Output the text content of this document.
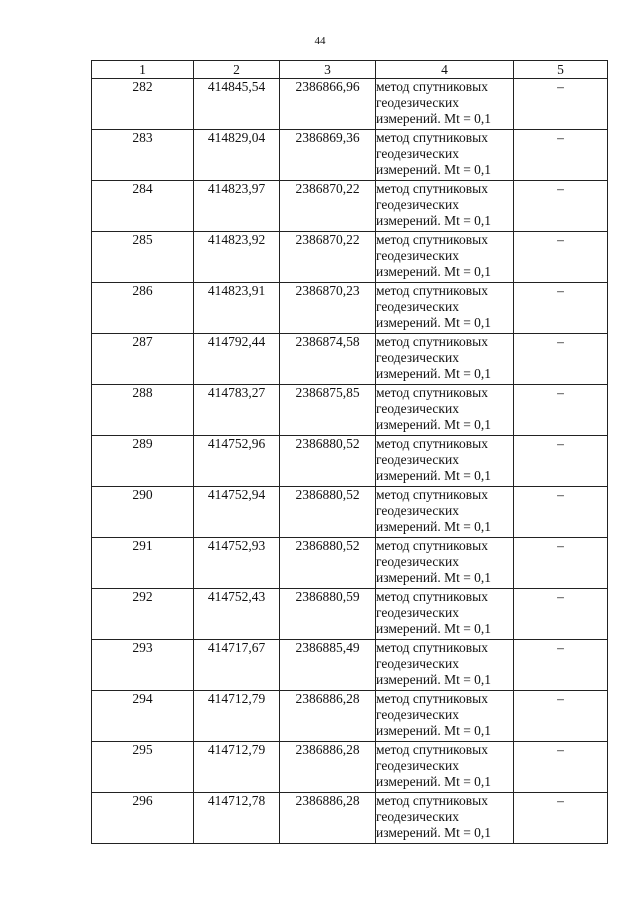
44
1	2	3	4	5
282	414845,54	2386866,96	метод спутниковых
геодезических
измерений. Mt = 0,1	–
283	414829,04	2386869,36	метод спутниковых
геодезических
измерений. Mt = 0,1	–
284	414823,97	2386870,22	метод спутниковых
геодезических
измерений. Mt = 0,1	–
285	414823,92	2386870,22	метод спутниковых
геодезических
измерений. Mt = 0,1	–
286	414823,91	2386870,23	метод спутниковых
геодезических
измерений. Mt = 0,1	–
287	414792,44	2386874,58	метод спутниковых
геодезических
измерений. Mt = 0,1	–
288	414783,27	2386875,85	метод спутниковых
геодезических
измерений. Mt = 0,1	–
289	414752,96	2386880,52	метод спутниковых
геодезических
измерений. Mt = 0,1	–
290	414752,94	2386880,52	метод спутниковых
геодезических
измерений. Mt = 0,1	–
291	414752,93	2386880,52	метод спутниковых
геодезических
измерений. Mt = 0,1	–
292	414752,43	2386880,59	метод спутниковых
геодезических
измерений. Mt = 0,1	–
293	414717,67	2386885,49	метод спутниковых
геодезических
измерений. Mt = 0,1	–
294	414712,79	2386886,28	метод спутниковых
геодезических
измерений. Mt = 0,1	–
295	414712,79	2386886,28	метод спутниковых
геодезических
измерений. Mt = 0,1	–
296	414712,78	2386886,28	метод спутниковых
геодезических
измерений. Mt = 0,1	–
